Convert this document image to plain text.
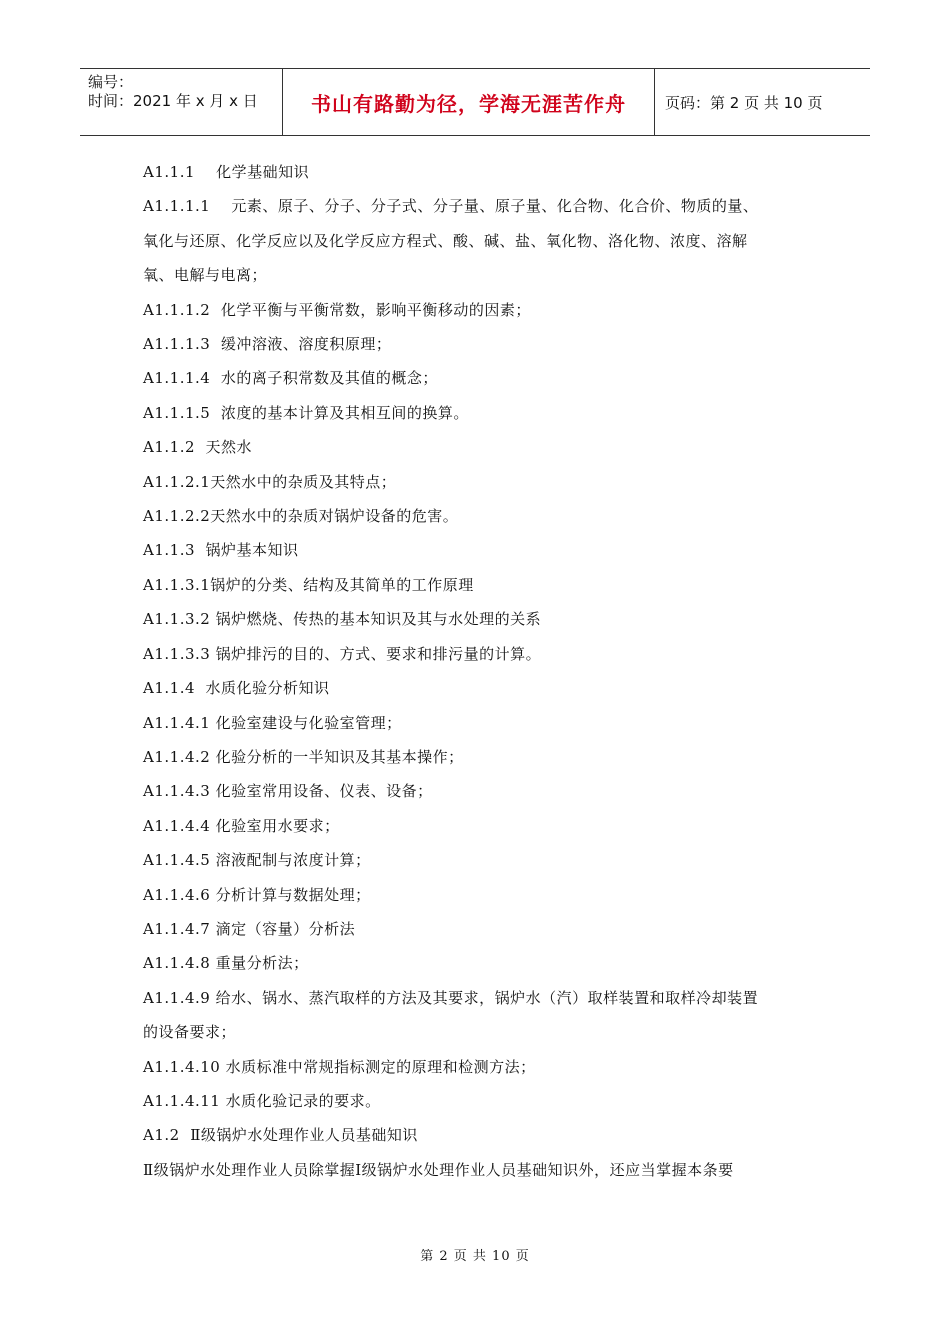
编号：
时间：2021 年 x 月 x 日	书山有路勤为径，学海无涯苦作舟	页码：第 2 页 共 10 页

A1.1.1    化学基础知识

A1.1.1.1    元素、原子、分子、分子式、分子量、原子量、化合物、化合价、物质的量、

氧化与还原、化学反应以及化学反应方程式、酸、碱、盐、氧化物、洛化物、浓度、溶解

氧、电解与电离；

A1.1.1.2  化学平衡与平衡常数，影响平衡移动的因素；

A1.1.1.3  缓冲溶液、溶度积原理；

A1.1.1.4  水的离子积常数及其值的概念；

A1.1.1.5  浓度的基本计算及其相互间的换算。

A1.1.2  天然水

A1.1.2.1天然水中的杂质及其特点；

A1.1.2.2天然水中的杂质对锅炉设备的危害。

A1.1.3  锅炉基本知识

A1.1.3.1锅炉的分类、结构及其简单的工作原理

A1.1.3.2 锅炉燃烧、传热的基本知识及其与水处理的关系

A1.1.3.3 锅炉排污的目的、方式、要求和排污量的计算。

A1.1.4  水质化验分析知识

A1.1.4.1 化验室建设与化验室管理；

A1.1.4.2 化验分析的一半知识及其基本操作；

A1.1.4.3 化验室常用设备、仪表、设备；

A1.1.4.4 化验室用水要求；

A1.1.4.5 溶液配制与浓度计算；

A1.1.4.6 分析计算与数据处理；

A1.1.4.7 滴定（容量）分析法

A1.1.4.8 重量分析法；

A1.1.4.9 给水、锅水、蒸汽取样的方法及其要求，锅炉水（汽）取样装置和取样冷却装置

的设备要求；

A1.1.4.10 水质标准中常规指标测定的原理和检测方法；

A1.1.4.11 水质化验记录的要求。

A1.2  Ⅱ级锅炉水处理作业人员基础知识

Ⅱ级锅炉水处理作业人员除掌握Ⅰ级锅炉水处理作业人员基础知识外，还应当掌握本条要

第 2 页 共 10 页
